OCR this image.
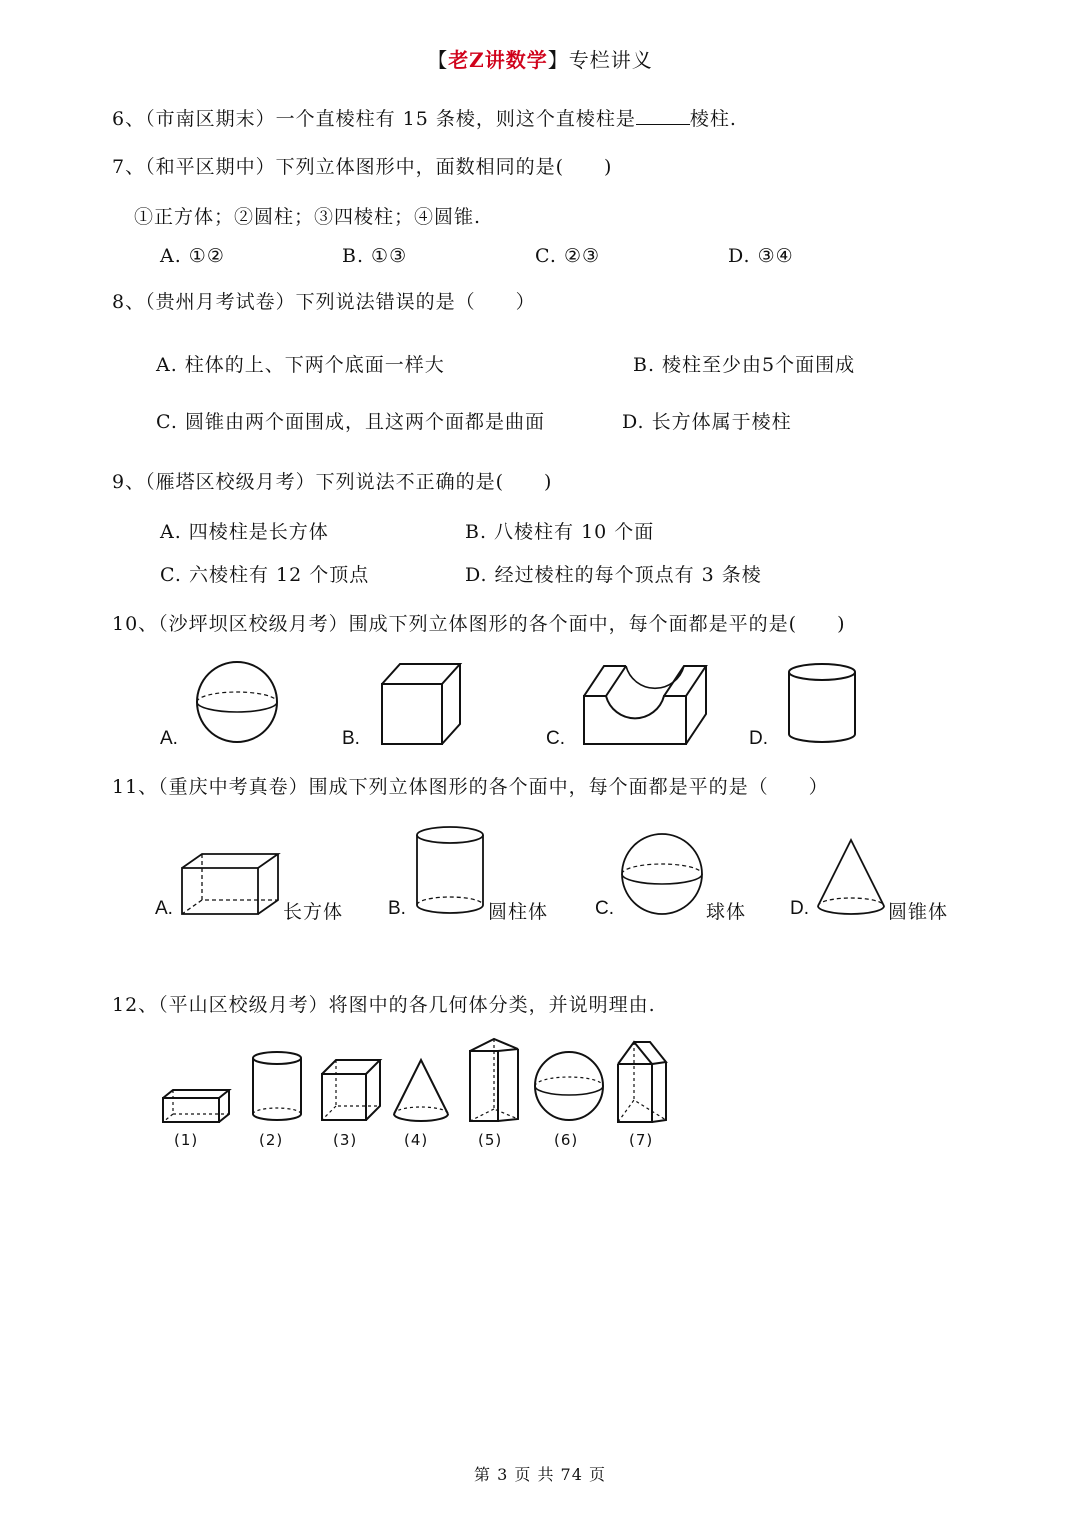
【老Z讲数学】专栏讲义
6、（市南区期末）一个直棱柱有 15 条棱，则这个直棱柱是	棱柱.
7、（和平区期中）下列立体图形中，面数相同的是(　　)
①正方体；②圆柱；③四棱柱；④圆锥.
A. ①②	B. ①③	C. ②③	D. ③④
8、（贵州月考试卷）下列说法错误的是（　　）
A. 柱体的上、下两个底面一样大	B. 棱柱至少由5个面围成
C. 圆锥由两个面围成，且这两个面都是曲面	D. 长方体属于棱柱
9、（雁塔区校级月考）下列说法不正确的是(　　)
A. 四棱柱是长方体	B. 八棱柱有 10 个面
C. 六棱柱有 12 个顶点	D. 经过棱柱的每个顶点有 3 条棱
10、（沙坪坝区校级月考）围成下列立体图形的各个面中，每个面都是平的是(　　)
A.	B.	C.	D.
11、（重庆中考真卷）围成下列立体图形的各个面中，每个面都是平的是（　　）
A.	长方体 B.	圆柱体 C.	球体 D.	圆锥体
12、（平山区校级月考）将图中的各几何体分类，并说明理由.
(1)	(2)	(3)	(4)	(5)	(6)	(7)
第 3 页 共 74 页
